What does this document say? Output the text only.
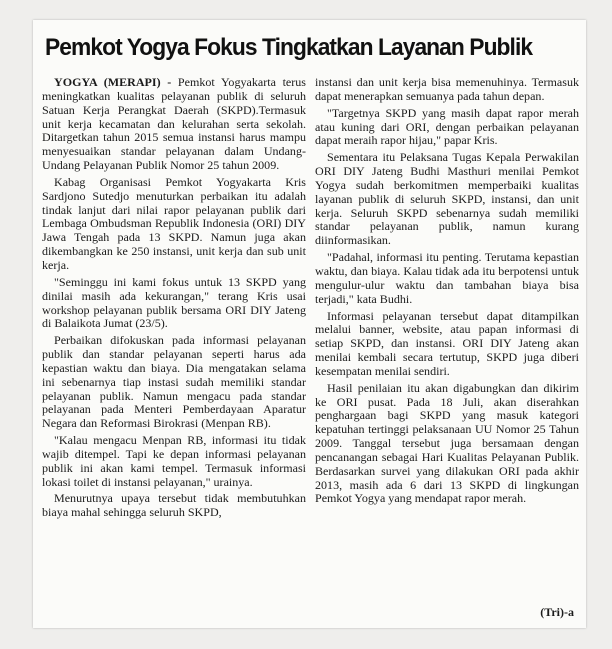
Pemkot Yogya Fokus Tingkatkan Layanan Publik

YOGYA (MERAPI) - Pemkot Yogyakarta terus meningkatkan kualitas pelayanan publik di seluruh Satuan Kerja Perangkat Daerah (SKPD).Termasuk unit kerja kecamatan dan kelurahan serta sekolah. Ditargetkan tahun 2015 semua instansi harus mampu menyesuaikan standar pelayanan dalam Undang-Undang Pelayanan Publik Nomor 25 tahun 2009.

Kabag Organisasi Pemkot Yogyakarta Kris Sardjono Sutedjo menuturkan perbaikan itu adalah tindak lanjut dari nilai rapor pelayanan publik dari Lembaga Ombudsman Republik Indonesia (ORI) DIY Jawa Tengah pada 13 SKPD. Namun juga akan dikembangkan ke 250 instansi, unit kerja dan sub unit kerja.

"Seminggu ini kami fokus untuk 13 SKPD yang dinilai masih ada kekurangan," terang Kris usai workshop pelayanan publik bersama ORI DIY Jateng di Balaikota Jumat (23/5).

Perbaikan difokuskan pada informasi pelayanan publik dan standar pelayanan seperti harus ada kepastian waktu dan biaya. Dia mengatakan selama ini sebenarnya tiap instasi sudah memiliki standar pelayanan publik. Namun mengacu pada standar pelayanan pada Menteri Pemberdayaan Aparatur Negara dan Reformasi Birokrasi (Menpan RB).

"Kalau mengacu Menpan RB, informasi itu tidak wajib ditempel. Tapi ke depan informasi pelayanan publik ini akan kami tempel. Termasuk informasi lokasi toilet di instansi pelayanan," urainya.

Menurutnya upaya tersebut tidak membutuhkan biaya mahal sehingga seluruh SKPD,

instansi dan unit kerja bisa memenuhinya. Termasuk dapat menerapkan semuanya pada tahun depan.

"Targetnya SKPD yang masih dapat rapor merah atau kuning dari ORI, dengan perbaikan pelayanan dapat meraih rapor hijau," papar Kris.

Sementara itu Pelaksana Tugas Kepala Perwakilan ORI DIY Jateng Budhi Masthuri menilai Pemkot Yogya sudah berkomitmen memperbaiki kualitas layanan publik di seluruh SKPD, instansi, dan unit kerja. Seluruh SKPD sebenarnya sudah memiliki standar pelayanan publik, namun kurang diinformasikan.

"Padahal, informasi itu penting. Terutama kepastian waktu, dan biaya. Kalau tidak ada itu berpotensi untuk mengulur-ulur waktu dan tambahan biaya bisa terjadi," kata Budhi.

Informasi pelayanan tersebut dapat ditampilkan melalui banner, website, atau papan informasi di setiap SKPD, dan instansi. ORI DIY Jateng akan menilai kembali secara tertutup, SKPD juga diberi kesempatan menilai sendiri.

Hasil penilaian itu akan digabungkan dan dikirim ke ORI pusat. Pada 18 Juli, akan diserahkan penghargaan bagi SKPD yang masuk kategori kepatuhan tertinggi pelaksanaan UU Nomor 25 Tahun 2009. Tanggal tersebut juga bersamaan dengan pencanangan sebagai Hari Kualitas Pelayanan Publik. Berdasarkan survei yang dilakukan ORI pada akhir 2013, masih ada 6 dari 13 SKPD di lingkungan Pemkot Yogya yang mendapat rapor merah.

(Tri)-a
